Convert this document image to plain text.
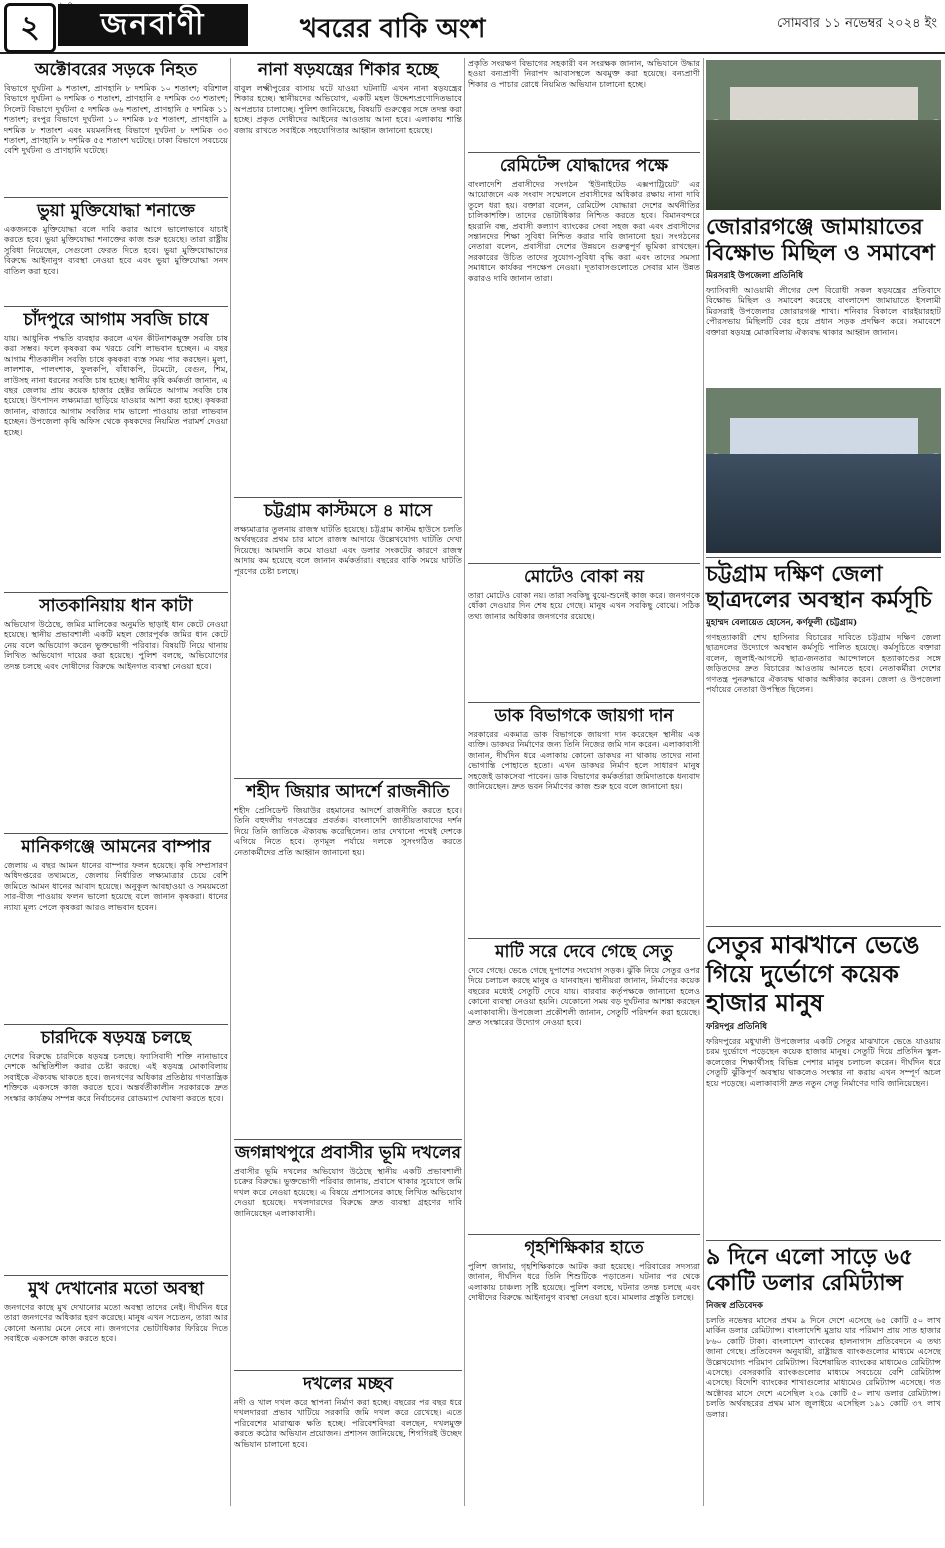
২	জনবাণী
দৈনিক
খবরের বাকি অংশ	সোমবার ১১ নভেম্বর ২০২৪ ইং
অক্টোবরের সড়কে নিহত

বিভাগে দুর্ঘটনা ৯ শতাংশ, প্রাণহানি ৮ দশমিক ১০ শতাংশ; বরিশাল বিভাগে দুর্ঘটনা ৬ দশমিক ৩ শতাংশ, প্রাণহানি ৫ দশমিক ৩৩ শতাংশ; সিলেট বিভাগে দুর্ঘটনা ৫ দশমিক ৬৬ শতাংশ, প্রাণহানি ৫ দশমিক ১১ শতাংশ; রংপুর বিভাগে দুর্ঘটনা ১০ দশমিক ৮৫ শতাংশ, প্রাণহানি ৯ দশমিক ৮ শতাংশ এবং ময়মনসিংহ বিভাগে দুর্ঘটনা ৮ দশমিক ৩৩ শতাংশ, প্রাণহানি ৮ দশমিক ৫৫ শতাংশ ঘটেছে। ঢাকা বিভাগে সবচেয়ে বেশি দুর্ঘটনা ও প্রাণহানি ঘটেছে।

ভুয়া মুক্তিযোদ্ধা শনাক্তে

একজনকে মুক্তিযোদ্ধা বলে দাবি করার আগে ভালোভাবে যাচাই করতে হবে। ভুয়া মুক্তিযোদ্ধা শনাক্তের কাজ শুরু হয়েছে। তারা রাষ্ট্রীয় সুবিধা নিয়েছেন, সেগুলো ফেরত দিতে হবে। ভুয়া মুক্তিযোদ্ধাদের বিরুদ্ধে আইনানুগ ব্যবস্থা নেওয়া হবে এবং ভুয়া মুক্তিযোদ্ধা সনদ বাতিল করা হবে।

চাঁদপুরে আগাম সবজি চাষে

যায়। আধুনিক পদ্ধতি ব্যবহার করলে এখন কীটনাশকমুক্ত সবজি চাষ করা সম্ভব। ফলে কৃষকরা কম খরচে বেশি লাভবান হচ্ছেন। এ বছর আগাম শীতকালীন সবজি চাষে কৃষকরা ব্যস্ত সময় পার করছেন। মুলা, লালশাক, পালংশাক, ফুলকপি, বাঁধাকপি, টমেটো, বেগুন, শিম, লাউসহ নানা ধরনের সবজি চাষ হচ্ছে। স্থানীয় কৃষি কর্মকর্তা জানান, এ বছর জেলায় প্রায় কয়েক হাজার হেক্টর জমিতে আগাম সবজি চাষ হয়েছে। উৎপাদন লক্ষ্যমাত্রা ছাড়িয়ে যাওয়ার আশা করা হচ্ছে। কৃষকরা জানান, বাজারে আগাম সবজির দাম ভালো পাওয়ায় তারা লাভবান হচ্ছেন। উপজেলা কৃষি অফিস থেকে কৃষকদের নিয়মিত পরামর্শ দেওয়া হচ্ছে।

সাতকানিয়ায় ধান কাটা

অভিযোগ উঠেছে, জমির মালিকের অনুমতি ছাড়াই ধান কেটে নেওয়া হয়েছে। স্থানীয় প্রভাবশালী একটি মহল জোরপূর্বক জমির ধান কেটে নেয় বলে অভিযোগ করেন ভুক্তভোগী পরিবার। বিষয়টি নিয়ে থানায় লিখিত অভিযোগ দায়ের করা হয়েছে। পুলিশ বলছে, অভিযোগের তদন্ত চলছে এবং দোষীদের বিরুদ্ধে আইনগত ব্যবস্থা নেওয়া হবে।

মানিকগঞ্জে আমনের বাম্পার

জেলায় এ বছর আমন ধানের বাম্পার ফলন হয়েছে। কৃষি সম্প্রসারণ অধিদপ্তরের তথ্যমতে, জেলায় নির্ধারিত লক্ষ্যমাত্রার চেয়ে বেশি জমিতে আমন ধানের আবাদ হয়েছে। অনুকূল আবহাওয়া ও সময়মতো সার-বীজ পাওয়ায় ফলন ভালো হয়েছে বলে জানান কৃষকরা। ধানের ন্যায্য মূল্য পেলে কৃষকরা আরও লাভবান হবেন।

চারদিকে ষড়যন্ত্র চলছে

দেশের বিরুদ্ধে চারদিকে ষড়যন্ত্র চলছে। ফ্যাসিবাদী শক্তি নানাভাবে দেশকে অস্থিতিশীল করার চেষ্টা করছে। এই ষড়যন্ত্র মোকাবিলায় সবাইকে ঐক্যবদ্ধ থাকতে হবে। জনগণের অধিকার প্রতিষ্ঠায় গণতান্ত্রিক শক্তিকে একসঙ্গে কাজ করতে হবে। অন্তর্বর্তীকালীন সরকারকে দ্রুত সংস্কার কার্যক্রম সম্পন্ন করে নির্বাচনের রোডম্যাপ ঘোষণা করতে হবে।

মুখ দেখানোর মতো অবস্থা

জনগণের কাছে মুখ দেখানোর মতো অবস্থা তাদের নেই। দীর্ঘদিন ধরে তারা জনগণের অধিকার হরণ করেছে। মানুষ এখন সচেতন, তারা আর কোনো অন্যায় মেনে নেবে না। জনগণের ভোটাধিকার ফিরিয়ে দিতে সবাইকে একসঙ্গে কাজ করতে হবে।

নানা ষড়যন্ত্রের শিকার হচ্ছে

বাবুল লক্ষ্মীপুরের বাসায় ঘটে যাওয়া ঘটনাটি এখন নানা ষড়যন্ত্রের শিকার হচ্ছে। স্থানীয়দের অভিযোগ, একটি মহল উদ্দেশ্যপ্রণোদিতভাবে অপপ্রচার চালাচ্ছে। পুলিশ জানিয়েছে, বিষয়টি গুরুত্বের সঙ্গে তদন্ত করা হচ্ছে। প্রকৃত দোষীদের আইনের আওতায় আনা হবে। এলাকায় শান্তি বজায় রাখতে সবাইকে সহযোগিতার আহ্বান জানানো হয়েছে।

চট্টগ্রাম কাস্টমসে ৪ মাসে

লক্ষ্যমাত্রার তুলনায় রাজস্ব ঘাটতি হয়েছে। চট্টগ্রাম কাস্টম হাউসে চলতি অর্থবছরের প্রথম চার মাসে রাজস্ব আদায়ে উল্লেখযোগ্য ঘাটতি দেখা দিয়েছে। আমদানি কমে যাওয়া এবং ডলার সংকটের কারণে রাজস্ব আদায় কম হয়েছে বলে জানান কর্মকর্তারা। বছরের বাকি সময়ে ঘাটতি পূরণের চেষ্টা চলছে।

শহীদ জিয়ার আদর্শে রাজনীতি

শহীদ প্রেসিডেন্ট জিয়াউর রহমানের আদর্শে রাজনীতি করতে হবে। তিনি বহুদলীয় গণতন্ত্রের প্রবর্তক। বাংলাদেশি জাতীয়তাবাদের দর্শন দিয়ে তিনি জাতিকে ঐক্যবদ্ধ করেছিলেন। তার দেখানো পথেই দেশকে এগিয়ে নিতে হবে। তৃণমূল পর্যায়ে দলকে সুসংগঠিত করতে নেতাকর্মীদের প্রতি আহ্বান জানানো হয়।

জগন্নাথপুরে প্রবাসীর ভূমি দখলের

প্রবাসীর ভূমি দখলের অভিযোগ উঠেছে স্থানীয় একটি প্রভাবশালী চক্রের বিরুদ্ধে। ভুক্তভোগী পরিবার জানায়, প্রবাসে থাকার সুযোগে জমি দখল করে নেওয়া হয়েছে। এ বিষয়ে প্রশাসনের কাছে লিখিত অভিযোগ দেওয়া হয়েছে। দখলদারদের বিরুদ্ধে দ্রুত ব্যবস্থা গ্রহণের দাবি জানিয়েছেন এলাকাবাসী।

দখলের মচ্ছব

নদী ও খাল দখল করে স্থাপনা নির্মাণ করা হচ্ছে। বছরের পর বছর ধরে দখলদাররা প্রভাব খাটিয়ে সরকারি জমি দখল করে রেখেছে। এতে পরিবেশের মারাত্মক ক্ষতি হচ্ছে। পরিবেশবিদরা বলছেন, দখলমুক্ত করতে কঠোর অভিযান প্রয়োজন। প্রশাসন জানিয়েছে, শিগগিরই উচ্ছেদ অভিযান চালানো হবে।

প্রকৃতি সংরক্ষণ বিভাগের সহকারী বন সংরক্ষক জানান, অভিযানে উদ্ধার হওয়া বন্যপ্রাণী নিরাপদ আবাসস্থলে অবমুক্ত করা হয়েছে। বন্যপ্রাণী শিকার ও পাচার রোধে নিয়মিত অভিযান চালানো হচ্ছে।

রেমিটেন্স যোদ্ধাদের পক্ষে

বাংলাদেশি প্রবাসীদের সংগঠন 'ইউনাইটেড এক্সপাট্রিয়েট' এর আয়োজনে এক সংবাদ সম্মেলনে প্রবাসীদের অধিকার রক্ষায় নানা দাবি তুলে ধরা হয়। বক্তারা বলেন, রেমিটেন্স যোদ্ধারা দেশের অর্থনীতির চালিকাশক্তি। তাদের ভোটাধিকার নিশ্চিত করতে হবে। বিমানবন্দরে হয়রানি বন্ধ, প্রবাসী কল্যাণ ব্যাংকের সেবা সহজ করা এবং প্রবাসীদের সন্তানদের শিক্ষা সুবিধা নিশ্চিত করার দাবি জানানো হয়। সংগঠনের নেতারা বলেন, প্রবাসীরা দেশের উন্নয়নে গুরুত্বপূর্ণ ভূমিকা রাখছেন। সরকারের উচিত তাদের সুযোগ-সুবিধা বৃদ্ধি করা এবং তাদের সমস্যা সমাধানে কার্যকর পদক্ষেপ নেওয়া। দূতাবাসগুলোতে সেবার মান উন্নত করারও দাবি জানান তারা।

মোটেও বোকা নয়

তারা মোটেও বোকা নয়। তারা সবকিছু বুঝে-শুনেই কাজ করে। জনগণকে ধোঁকা দেওয়ার দিন শেষ হয়ে গেছে। মানুষ এখন সবকিছু বোঝে। সঠিক তথ্য জানার অধিকার জনগণের রয়েছে।

ডাক বিভাগকে জায়গা দান

সরকারের একমাত্র ডাক বিভাগকে জায়গা দান করেছেন স্থানীয় এক ব্যক্তি। ডাকঘর নির্মাণের জন্য তিনি নিজের জমি দান করেন। এলাকাবাসী জানান, দীর্ঘদিন ধরে এলাকায় কোনো ডাকঘর না থাকায় তাদের নানা ভোগান্তি পোহাতে হতো। এখন ডাকঘর নির্মাণ হলে সাধারণ মানুষ সহজেই ডাকসেবা পাবেন। ডাক বিভাগের কর্মকর্তারা জমিদাতাকে ধন্যবাদ জানিয়েছেন। দ্রুত ভবন নির্মাণের কাজ শুরু হবে বলে জানানো হয়।

মাটি সরে দেবে গেছে সেতু

দেবে গেছে। ভেঙে গেছে দুপাশের সংযোগ সড়ক। ঝুঁকি নিয়ে সেতুর ওপর দিয়ে চলাচল করছে মানুষ ও যানবাহন। স্থানীয়রা জানান, নির্মাণের কয়েক বছরের মধ্যেই সেতুটি দেবে যায়। বারবার কর্তৃপক্ষকে জানানো হলেও কোনো ব্যবস্থা নেওয়া হয়নি। যেকোনো সময় বড় দুর্ঘটনার আশঙ্কা করছেন এলাকাবাসী। উপজেলা প্রকৌশলী জানান, সেতুটি পরিদর্শন করা হয়েছে। দ্রুত সংস্কারের উদ্যোগ নেওয়া হবে।

গৃহশিক্ষিকার হাতে

পুলিশ জানায়, গৃহশিক্ষিকাকে আটক করা হয়েছে। পরিবারের সদস্যরা জানান, দীর্ঘদিন ধরে তিনি শিশুটিকে পড়াতেন। ঘটনার পর থেকে এলাকায় চাঞ্চল্য সৃষ্টি হয়েছে। পুলিশ বলছে, ঘটনার তদন্ত চলছে এবং দোষীদের বিরুদ্ধে আইনানুগ ব্যবস্থা নেওয়া হবে। মামলার প্রস্তুতি চলছে।

জোরারগঞ্জে জামায়াতের বিক্ষোভ মিছিল ও সমাবেশ
মিরসরাই উপজেলা প্রতিনিধি

ফ্যাসিবাদী আওয়ামী লীগের দেশ বিরোধী সকল ষড়যন্ত্রের প্রতিবাদে বিক্ষোভ মিছিল ও সমাবেশ করেছে বাংলাদেশ জামায়াতে ইসলামী মিরসরাই উপজেলার জোরারগঞ্জ শাখা। শনিবার বিকালে বারইয়ারহাট পৌরসভায় মিছিলটি বের হয়ে প্রধান সড়ক প্রদক্ষিণ করে। সমাবেশে বক্তারা ষড়যন্ত্র মোকাবিলায় ঐক্যবদ্ধ থাকার আহ্বান জানান।

চট্টগ্রাম দক্ষিণ জেলা ছাত্রদলের অবস্থান কর্মসূচি
মুহাম্মদ বেলায়েত হোসেন, কর্ণফুলী (চট্টগ্রাম)

গণহত্যাকারী শেখ হাসিনার বিচারের দাবিতে চট্টগ্রাম দক্ষিণ জেলা ছাত্রদলের উদ্যোগে অবস্থান কর্মসূচি পালিত হয়েছে। কর্মসূচিতে বক্তারা বলেন, জুলাই-আগস্টে ছাত্র-জনতার আন্দোলনে হত্যাকাণ্ডের সঙ্গে জড়িতদের দ্রুত বিচারের আওতায় আনতে হবে। নেতাকর্মীরা দেশের গণতন্ত্র পুনরুদ্ধারে ঐক্যবদ্ধ থাকার অঙ্গীকার করেন। জেলা ও উপজেলা পর্যায়ের নেতারা উপস্থিত ছিলেন।

সেতুর মাঝখানে ভেঙে গিয়ে দুর্ভোগে কয়েক হাজার মানুষ
ফরিদপুর প্রতিনিধি

ফরিদপুরের মধুখালী উপজেলার একটি সেতুর মাঝখানে ভেঙে যাওয়ায় চরম দুর্ভোগে পড়েছেন কয়েক হাজার মানুষ। সেতুটি দিয়ে প্রতিদিন স্কুল-কলেজের শিক্ষার্থীসহ বিভিন্ন পেশার মানুষ চলাচল করেন। দীর্ঘদিন ধরে সেতুটি ঝুঁকিপূর্ণ অবস্থায় থাকলেও সংস্কার না করায় এখন সম্পূর্ণ অচল হয়ে পড়েছে। এলাকাবাসী দ্রুত নতুন সেতু নির্মাণের দাবি জানিয়েছেন।

৯ দিনে এলো সাড়ে ৬৫ কোটি ডলার রেমিট্যান্স
নিজস্ব প্রতিবেদক

চলতি নভেম্বর মাসের প্রথম ৯ দিনে দেশে এসেছে ৬৫ কোটি ৫০ লাখ মার্কিন ডলার রেমিট্যান্স। বাংলাদেশি মুদ্রায় যার পরিমাণ প্রায় সাত হাজার ৮৬০ কোটি টাকা। বাংলাদেশ ব্যাংকের হালনাগাদ প্রতিবেদনে এ তথ্য জানা গেছে। প্রতিবেদন অনুযায়ী, রাষ্ট্রায়ত্ত ব্যাংকগুলোর মাধ্যমে এসেছে উল্লেখযোগ্য পরিমাণ রেমিট্যান্স। বিশেষায়িত ব্যাংকের মাধ্যমেও রেমিট্যান্স এসেছে। বেসরকারি ব্যাংকগুলোর মাধ্যমে সবচেয়ে বেশি রেমিট্যান্স এসেছে। বিদেশি ব্যাংকের শাখাগুলোর মাধ্যমেও রেমিট্যান্স এসেছে। গত অক্টোবর মাসে দেশে এসেছিল ২৩৯ কোটি ৫০ লাখ ডলার রেমিট্যান্স। চলতি অর্থবছরের প্রথম মাস জুলাইয়ে এসেছিল ১৯১ কোটি ৩৭ লাখ ডলার।
